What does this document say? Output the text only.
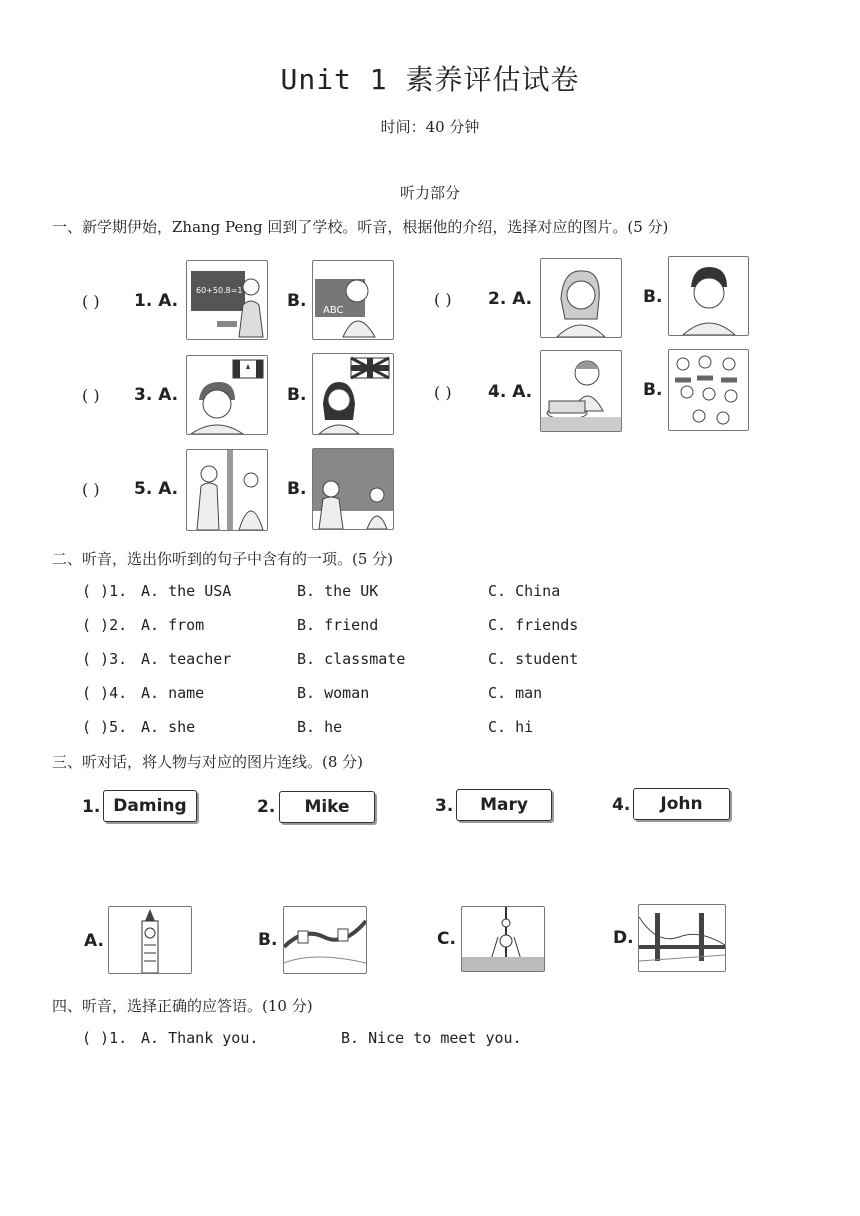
Unit 1 素养评估试卷
时间：40 分钟
听力部分
一、新学期伊始，Zhang Peng 回到了学校。听音，根据他的介绍，选择对应的图片。(5 分)
( ) 1. A.
60+50.8=1
B. ABC
( ) 2. A.	B.
( ) 3. A.	B.	( ) 4. A.	B.
( ) 5. A.	B.
二、听音，选出你听到的句子中含有的一项。(5 分)
( )1. A. the USA	B. the UK	C. China
( )2. A. from	B. friend	C. friends
( )3. A. teacher	B. classmate	C. student
( )4. A. name	B. woman	C. man
( )5. A. she	B. he	C. hi
三、听对话，将人物与对应的图片连线。(8 分)
1. Daming	2.	Mike	3.	Mary	4.	John
A.	B.	C.	D.
四、听音，选择正确的应答语。(10 分)
( )1. A. Thank you.	B. Nice to meet you.
